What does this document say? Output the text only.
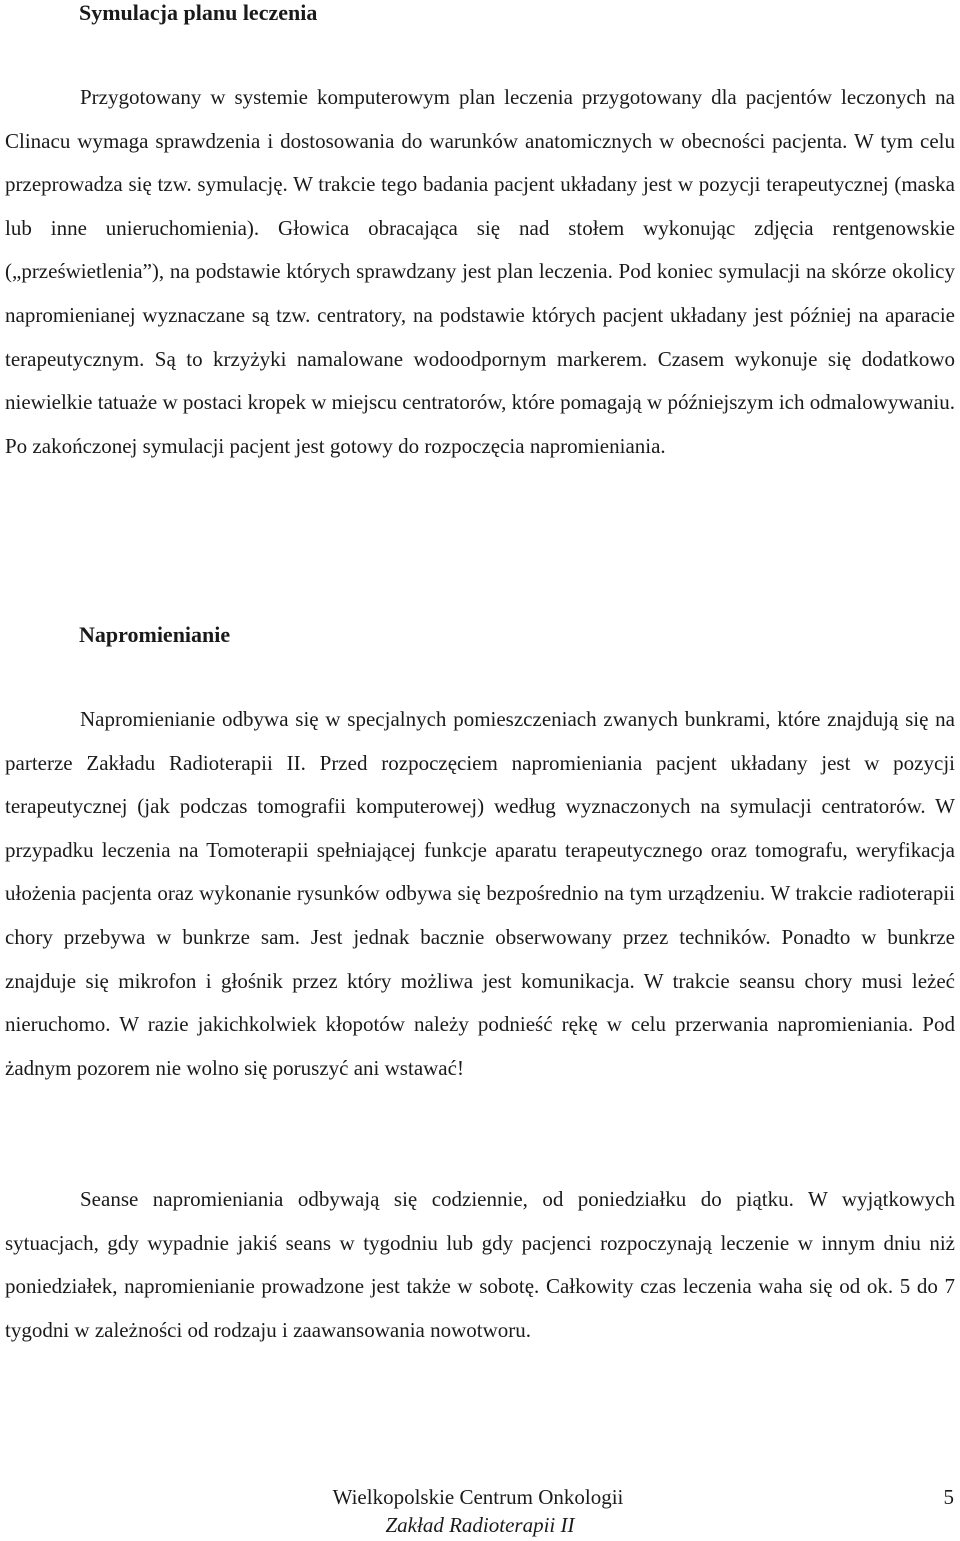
Symulacja planu leczenia

Przygotowany w systemie komputerowym plan leczenia przygotowany dla pacjentów leczonych na Clinacu wymaga sprawdzenia i dostosowania do warunków anatomicznych w obecności pacjenta. W tym celu przeprowadza się tzw. symulację. W trakcie tego badania pacjent układany jest w pozycji terapeutycznej (maska lub inne unieruchomienia). Głowica obracająca się nad stołem wykonując zdjęcia rentgenowskie („prześwietlenia”), na podstawie których sprawdzany jest plan leczenia. Pod koniec symulacji na skórze okolicy napromienianej wyznaczane są tzw. centratory, na podstawie których pacjent układany jest później na aparacie terapeutycznym. Są to krzyżyki namalowane wodoodpornym markerem. Czasem wykonuje się dodatkowo niewielkie tatuaże w postaci kropek w miejscu centratorów, które pomagają w późniejszym ich odmalowywaniu. Po zakończonej symulacji pacjent jest gotowy do rozpoczęcia napromieniania.

Napromienianie

Napromienianie odbywa się w specjalnych pomieszczeniach zwanych bunkrami, które znajdują się na parterze Zakładu Radioterapii II. Przed rozpoczęciem napromieniania pacjent układany jest w pozycji terapeutycznej (jak podczas tomografii komputerowej) według wyznaczonych na symulacji centratorów. W przypadku leczenia na Tomoterapii spełniającej funkcje aparatu terapeutycznego oraz tomografu, weryfikacja ułożenia pacjenta oraz wykonanie rysunków odbywa się bezpośrednio na tym urządzeniu. W trakcie radioterapii chory przebywa w bunkrze sam. Jest jednak bacznie obserwowany przez techników. Ponadto w bunkrze znajduje się mikrofon i głośnik przez który możliwa jest komunikacja. W trakcie seansu chory musi leżeć nieruchomo. W razie jakichkolwiek kłopotów należy podnieść rękę w celu przerwania napromieniania. Pod żadnym pozorem nie wolno się poruszyć ani wstawać!

Seanse napromieniania odbywają się codziennie, od poniedziałku do piątku. W wyjątkowych sytuacjach, gdy wypadnie jakiś seans w tygodniu lub gdy pacjenci rozpoczynają leczenie w innym dniu niż poniedziałek, napromienianie prowadzone jest także w sobotę. Całkowity czas leczenia waha się od ok. 5 do 7 tygodni w zależności od rodzaju i zaawansowania nowotworu.

Wielkopolskie Centrum Onkologii
Zakład Radioterapii II
5
